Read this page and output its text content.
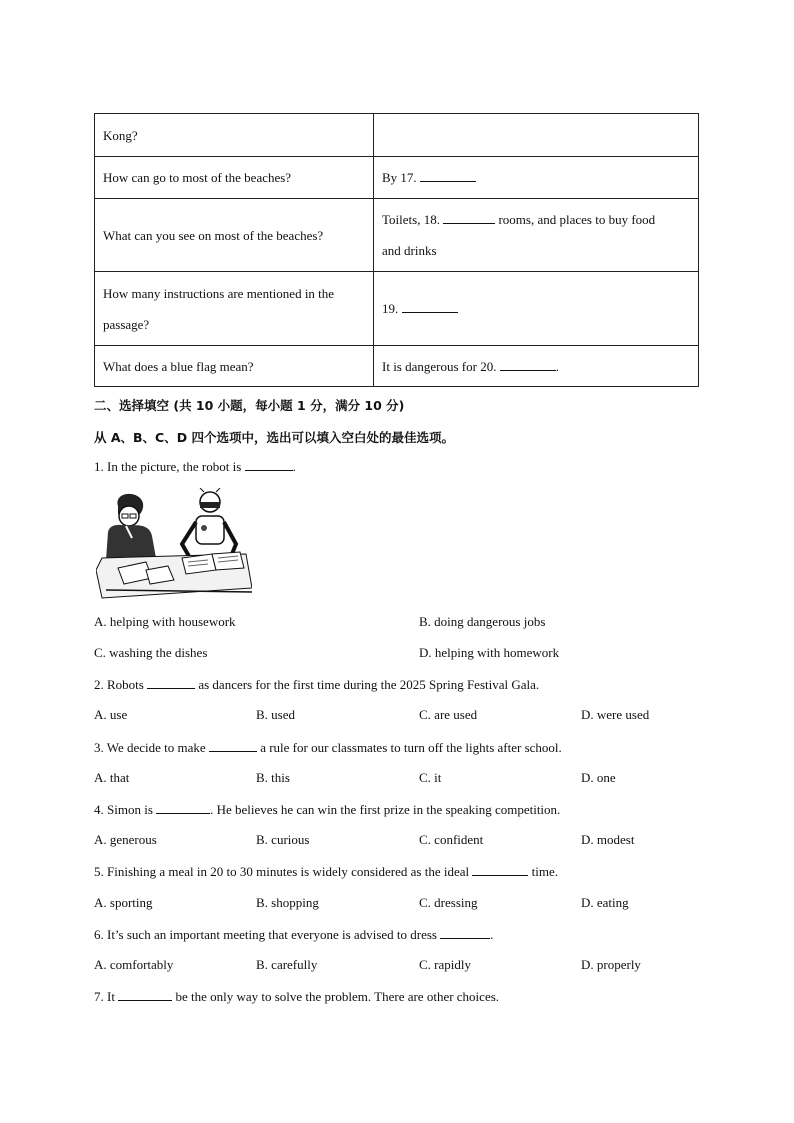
Kong?	
How can go to most of the beaches?	By 17.
What can you see on most of the beaches?	Toilets, 18. rooms, and places to buy food
and drinks
How many instructions are mentioned in the
passage?	19.
What does a blue flag mean?	It is dangerous for 20. .
二、选择填空 (共 10 小题，每小题 1 分，满分 10 分)
从 A、B、C、D 四个选项中，选出可以填入空白处的最佳选项。
1. In the picture, the robot is	.
A. helping with housework	B. doing dangerous jobs
C. washing the dishes	D. helping with homework
2. Robots	as dancers for the first time during the 2025 Spring Festival Gala.
A. use	B. used	C. are used	D. were used
3. We decide to make	a rule for our classmates to turn off the lights after school.
A. that	B. this	C. it	D. one
4. Simon is	. He believes he can win the first prize in the speaking competition.
A. generous	B. curious	C. confident	D. modest
5. Finishing a meal in 20 to 30 minutes is widely considered as the ideal	time.
A. sporting	B. shopping	C. dressing	D. eating
6. It’s such an important meeting that everyone is advised to dress	.
A. comfortably	B. carefully	C. rapidly	D. properly
7. It	be the only way to solve the problem. There are other choices.
